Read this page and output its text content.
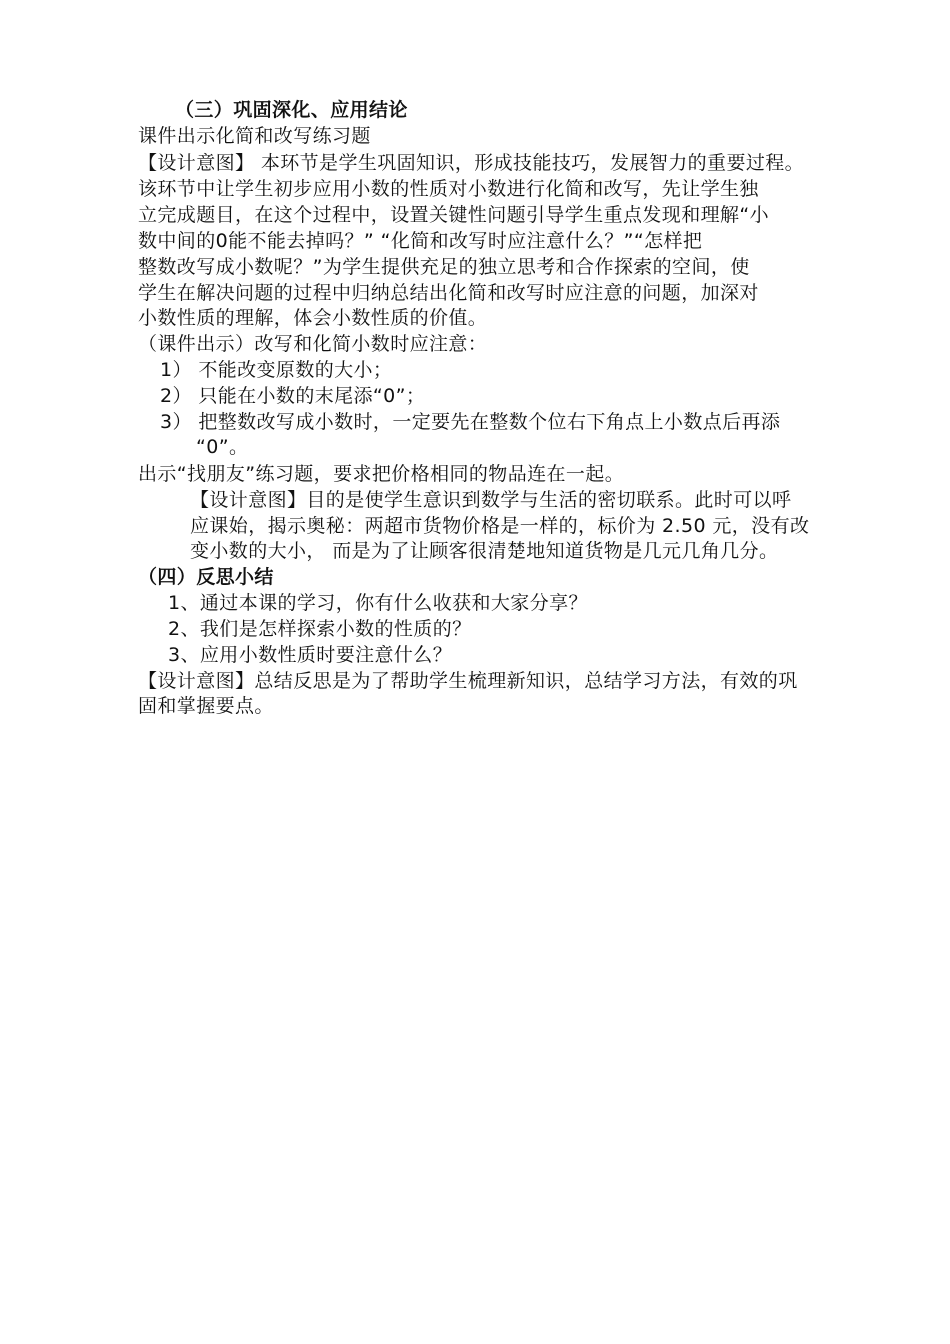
（三）巩固深化、应用结论
课件出示化简和改写练习题
【设计意图】 本环节是学生巩固知识，形成技能技巧，发展智力的重要过程。
该环节中让学生初步应用小数的性质对小数进行化简和改写，先让学生独
立完成题目，在这个过程中，设置关键性问题引导学生重点发现和理解“小
数中间的0能不能去掉吗？” “化简和改写时应注意什么？”“怎样把
整数改写成小数呢？”为学生提供充足的独立思考和合作探索的空间，使
学生在解决问题的过程中归纳总结出化简和改写时应注意的问题，加深对
小数性质的理解，体会小数性质的价值。
（课件出示）改写和化简小数时应注意：
1） 不能改变原数的大小；
2） 只能在小数的末尾添“0”；
3） 把整数改写成小数时，一定要先在整数个位右下角点上小数点后再添
“0”。
出示“找朋友”练习题，要求把价格相同的物品连在一起。
【设计意图】目的是使学生意识到数学与生活的密切联系。此时可以呼
应课始，揭示奥秘：两超市货物价格是一样的，标价为 2.50 元，没有改
变小数的大小， 而是为了让顾客很清楚地知道货物是几元几角几分。
（四）反思小结
1、通过本课的学习，你有什么收获和大家分享？
2、我们是怎样探索小数的性质的？
3、应用小数性质时要注意什么？
【设计意图】总结反思是为了帮助学生梳理新知识，总结学习方法，有效的巩
固和掌握要点。
